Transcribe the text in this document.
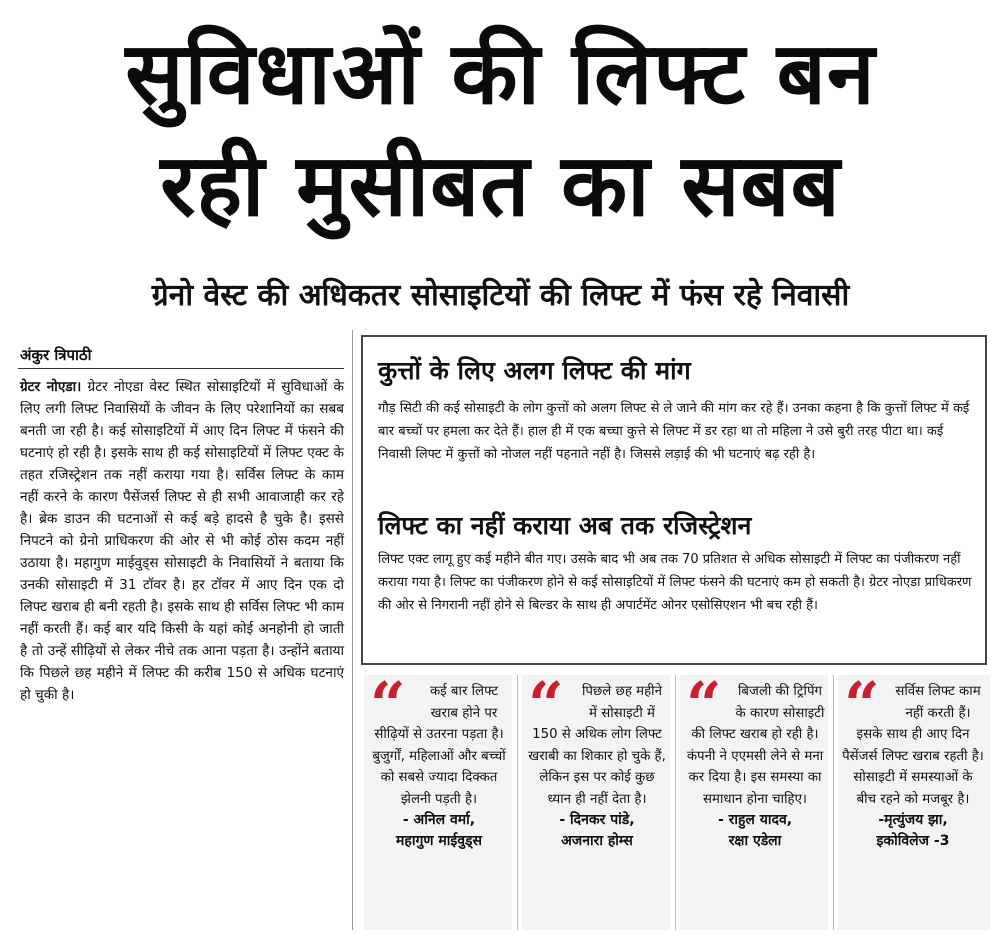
सुविधाओं की लिफ्ट बन
रही मुसीबत का सबब
ग्रेनो वेस्ट की अधिकतर सोसाइटियों की लिफ्ट में फंस रहे निवासी
अंकुर त्रिपाठी

ग्रेटर नोएडा। ग्रेटर नोएडा वेस्ट स्थित सोसाइटियों में सुविधाओं के लिए लगी लिफ्ट निवासियों के जीवन के लिए परेशानियों का सबब बनती जा रही है। कई सोसाइटियों में आए दिन लिफ्ट में फंसने की घटनाएं हो रही है। इसके साथ ही कई सोसाइटियों में लिफ्ट एक्ट के तहत रजिस्ट्रेशन तक नहीं कराया गया है। सर्विस लिफ्ट के काम नहीं करने के कारण पैसेंजर्स लिफ्ट से ही सभी आवाजाही कर रहे है। ब्रेक डाउन की घटनाओं से कई बड़े हादसे है चुके है। इससे निपटने को ग्रेनो प्राधिकरण की ओर से भी कोई ठोस कदम नहीं उठाया है। महागुण माईवुड्स सोसाइटी के निवासियों ने बताया कि उनकी सोसाइटी में 31 टॉवर है। हर टॉवर में आए दिन एक दो लिफ्ट खराब ही बनी रहती है। इसके साथ ही सर्विस लिफ्ट भी काम नहीं करती हैं। कई बार यदि किसी के यहां कोई अनहोनी हो जाती है तो उन्हें सीढ़ियों से लेकर नीचे तक आना पड़ता है। उन्होंने बताया कि पिछले छह महीने में लिफ्ट की करीब 150 से अधिक घटनाएं हो चुकी है।

कुत्तों के लिए अलग लिफ्ट की मांग

गौड़ सिटी की कई सोसाइटी के लोग कुत्तों को अलग लिफ्ट से ले जाने की मांग कर रहे हैं। उनका कहना है कि कुत्तों लिफ्ट में कई बार बच्चों पर हमला कर देते हैं। हाल ही में एक बच्चा कुत्ते से लिफ्ट में डर रहा था तो महिला ने उसे बुरी तरह पीटा था। कई निवासी लिफ्ट में कुत्तों को नोजल नहीं पहनाते नहीं है। जिससे लड़ाई की भी घटनाएं बढ़ रही है।

लिफ्ट का नहीं कराया अब तक रजिस्ट्रेशन

लिफ्ट एक्ट लागू हुए कई महीने बीत गए। उसके बाद भी अब तक 70 प्रतिशत से अधिक सोसाइटी में लिफ्ट का पंजीकरण नहीं कराया गया है। लिफ्ट का पंजीकरण होने से कई सोसाइटियों में लिफ्ट फंसने की घटनाएं कम हो सकती है। ग्रेटर नोएडा प्राधिकरण की ओर से निगरानी नहीं होने से बिल्डर के साथ ही अपार्टमेंट ओनर एसोसिएशन भी बच रही हैं।

“	कई बार लिफ्ट खराब होने पर सीढ़ियों से उतरना पड़ता है। बुजुर्गों, महिलाओं और बच्चों को सबसे ज्यादा दिक्कत झेलनी पड़ती है।
- अनिल वर्मा,
महागुण माईवुड्स

“	पिछले छह महीने में सोसाइटी में 150 से अधिक लोग लिफ्ट खराबी का शिकार हो चुके हैं, लेकिन इस पर कोई कुछ ध्यान ही नहीं देता है।
- दिनकर पांडे,
अजनारा होम्स

“	बिजली की ट्रिपिंग के कारण सोसाइटी की लिफ्ट खराब हो रही है। कंपनी ने एएमसी लेने से मना कर दिया है। इस समस्या का समाधान होना चाहिए।
- राहुल यादव,
रक्षा एडेला

“	सर्विस लिफ्ट काम नहीं करती हैं। इसके साथ ही आए दिन पैसेंजर्स लिफ्ट खराब रहती है। सोसाइटी में समस्याओं के बीच रहने को मजबूर है।
-मृत्युंजय झा,
इकोविलेज -3
